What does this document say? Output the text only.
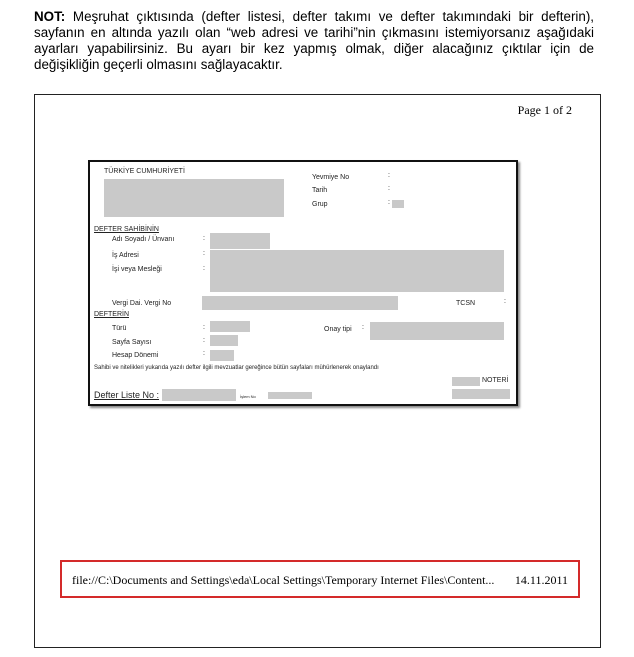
NOT: Meşruhat çıktısında (defter listesi, defter takımı ve defter takımındaki bir defterin), sayfanın en altında yazılı olan “web adresi ve tarihi”nin çıkmasını istemiyorsanız aşağıdaki ayarları yapabilirsiniz. Bu ayarı bir kez yapmış olmak, diğer alacağınız çıktılar için de değişikliğin geçerli olmasını sağlayacaktır.
Page 1 of 2
TÜRKİYE CUMHURİYETİ
Yevmiye No	:
Tarih	:
Grup	:
DEFTER SAHİBİNİN
Adı Soyadı / Ünvanı	:
İş Adresi	:
İşi veya Mesleği	:
Vergi Dai. Vergi No	TCSN	:
DEFTERİN
Türü	:	Onay tipi :
Sayfa Sayısı	:
Hesap Dönemi	:
Sahibi ve nitelikleri yukarıda yazılı defter ilgili mevzuatlar gereğince bütün sayfaları mühürlenerek onaylandı
NOTERİ
Defter Liste No :	İşlem No
file://C:\Documents and Settings\eda\Local Settings\Temporary Internet Files\Content... 14.11.2011
